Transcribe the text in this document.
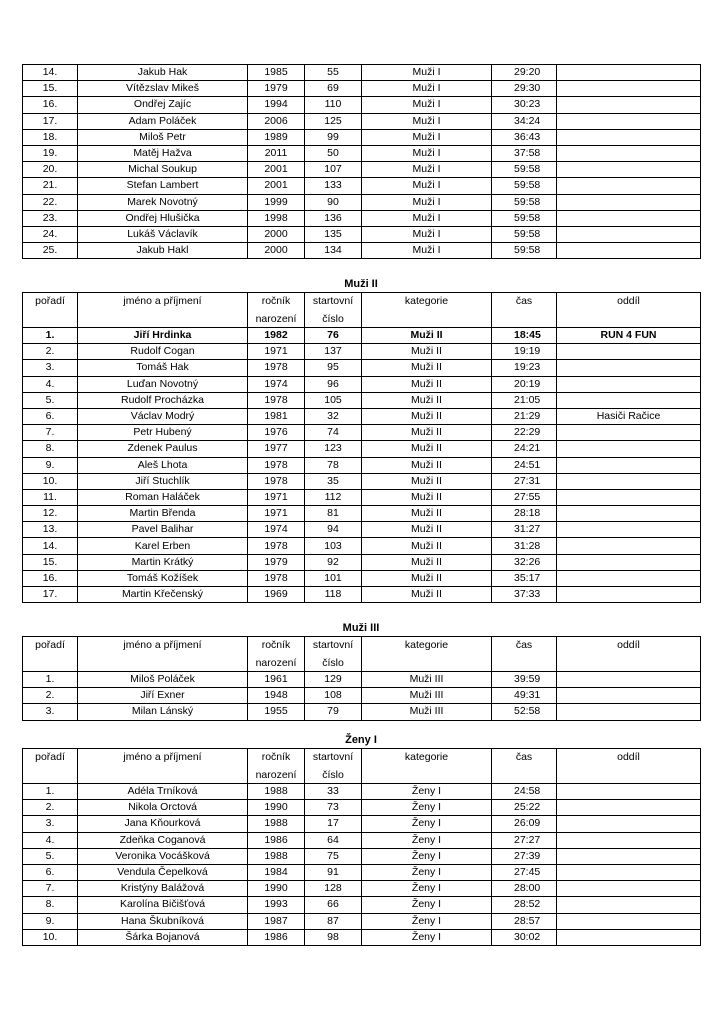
14.	Jakub Hak	1985	55	Muži I	29:20	
15.	Vítězslav Mikeš	1979	69	Muži I	29:30	
16.	Ondřej Zajíc	1994	110	Muži I	30:23	
17.	Adam Poláček	2006	125	Muži I	34:24	
18.	Miloš Petr	1989	99	Muži I	36:43	
19.	Matěj Hažva	2011	50	Muži I	37:58	
20.	Michal Soukup	2001	107	Muži I	59:58	
21.	Stefan Lambert	2001	133	Muži I	59:58	
22.	Marek Novotný	1999	90	Muži I	59:58	
23.	Ondřej Hlušička	1998	136	Muži I	59:58	
24.	Lukáš Václavík	2000	135	Muži I	59:58	
25.	Jakub Hakl	2000	134	Muži I	59:58	
Muži II
pořadí	jméno a příjmení	ročník	startovní	kategorie	čas	oddíl
		narození	číslo			
1.	Jiří Hrdinka	1982	76	Muži II	18:45	RUN 4 FUN
2.	Rudolf Cogan	1971	137	Muži II	19:19	
3.	Tomáš Hak	1978	95	Muži II	19:23	
4.	Luďan Novotný	1974	96	Muži II	20:19	
5.	Rudolf Procházka	1978	105	Muži II	21:05	
6.	Václav Modrý	1981	32	Muži II	21:29	Hasiči Račice
7.	Petr Hubený	1976	74	Muži II	22:29	
8.	Zdenek Paulus	1977	123	Muži II	24:21	
9.	Aleš Lhota	1978	78	Muži II	24:51	
10.	Jiří Stuchlík	1978	35	Muži II	27:31	
11.	Roman Haláček	1971	112	Muži II	27:55	
12.	Martin Břenda	1971	81	Muži II	28:18	
13.	Pavel Balihar	1974	94	Muži II	31:27	
14.	Karel Erben	1978	103	Muži II	31:28	
15.	Martin Krátký	1979	92	Muži II	32:26	
16.	Tomáš Kožíšek	1978	101	Muži II	35:17	
17.	Martin Křečenský	1969	118	Muži II	37:33	
Muži III
pořadí	jméno a příjmení	ročník	startovní	kategorie	čas	oddíl
		narození	číslo			
1.	Miloš Poláček	1961	129	Muži III	39:59	
2.	Jiří Exner	1948	108	Muži III	49:31	
3.	Milan Lánský	1955	79	Muži III	52:58	
Ženy I
pořadí	jméno a příjmení	ročník	startovní	kategorie	čas	oddíl
		narození	číslo			
1.	Adéla Trníková	1988	33	Ženy I	24:58	
2.	Nikola Orctová	1990	73	Ženy I	25:22	
3.	Jana Kňourková	1988	17	Ženy I	26:09	
4.	Zdeňka Coganová	1986	64	Ženy I	27:27	
5.	Veronika Vocášková	1988	75	Ženy I	27:39	
6.	Vendula Čepelková	1984	91	Ženy I	27:45	
7.	Kristýny Balážová	1990	128	Ženy I	28:00	
8.	Karolína Bičišťová	1993	66	Ženy I	28:52	
9.	Hana Škubníková	1987	87	Ženy I	28:57	
10.	Šárka Bojanová	1986	98	Ženy I	30:02	
